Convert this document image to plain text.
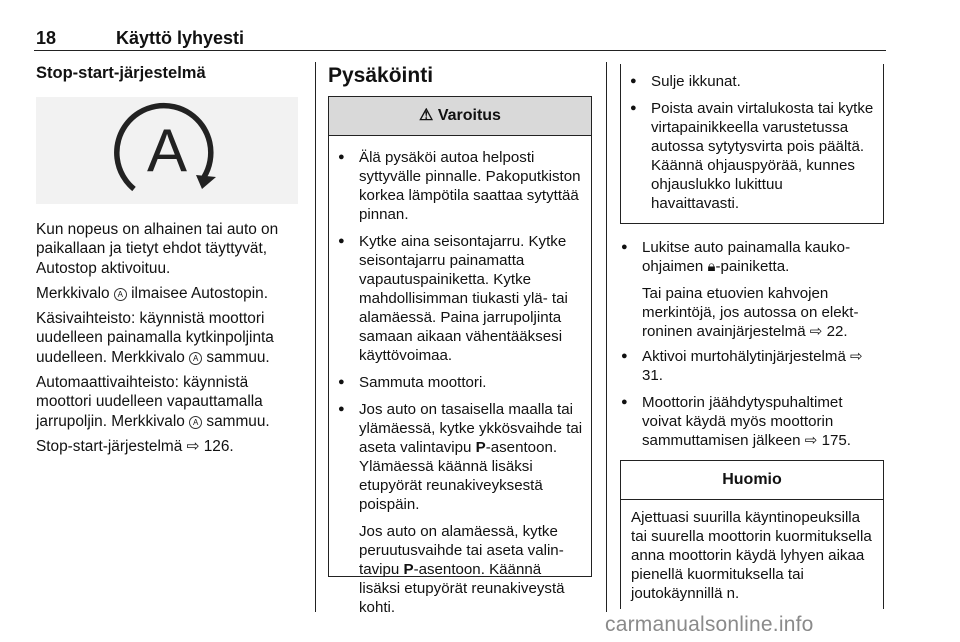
18	Käyttö lyhyesti
Stop-start-järjestelmä
A

Kun nopeus on alhainen tai auto on paikallaan ja tietyt ehdot täyttyvät, Autostop aktivoituu.

Merkkivalo A ilmaisee Autostopin.

Käsivaihteisto: käynnistä moottori uudelleen painamalla kytkinpoljinta uudelleen. Merkkivalo A sammuu.

Automaattivaihteisto: käynnistä moottori uudelleen vapauttamalla jarrupoljin. Merkkivalo A sammuu.

Stop-start-järjestelmä ⇨ 126.

Pysäköinti
⚠ Varoitus
● Älä pysäköi autoa helposti syttyvälle pinnalle. Pakoputkiston korkea lämpötila saattaa sytyttää pinnan.
● Kytke aina seisontajarru. Kytke seisontajarru painamatta vapautuspainiketta. Kytke mahdollisimman tiukasti ylä- tai alamäessä. Paina jarrupoljinta samaan aikaan vähentääksesi käyttövoimaa.
● Sammuta moottori.
● Jos auto on tasaisella maalla tai ylämäessä, kytke ykkösvaihde tai aseta valintavipu P-asentoon. Ylämäessä käännä lisäksi etupyörät reunakiveyksestä poispäin.
Jos auto on alamäessä, kytke peruutusvaihde tai aseta valintavipu P-asentoon. Käännä lisäksi etupyörät reunakiveystä kohti.
● Sulje ikkunat.
● Poista avain virtalukosta tai kytke virtapainikkeella varustetussa autossa sytytysvirta pois päältä. Käännä ohjauspyörää, kunnes ohjauslukko lukittuu havaittavasti.
● Lukitse auto painamalla kaukoohjaimen 🔒︎-painiketta.
Tai paina etuovien kahvojen merkintöjä, jos autossa on elektroninen avainjärjestelmä ⇨ 22.
● Aktivoi murtohälytinjärjestelmä ⇨ 31.
● Moottorin jäähdytyspuhaltimet voivat käydä myös moottorin sammuttamisen jälkeen ⇨ 175.
Huomio
Ajettuasi suurilla käyntinopeuksilla tai suurella moottorin kuormituksella anna moottorin käydä lyhyen aikaa pienellä kuormituksella tai joutokäynnillä n.
carmanualsonline.info
